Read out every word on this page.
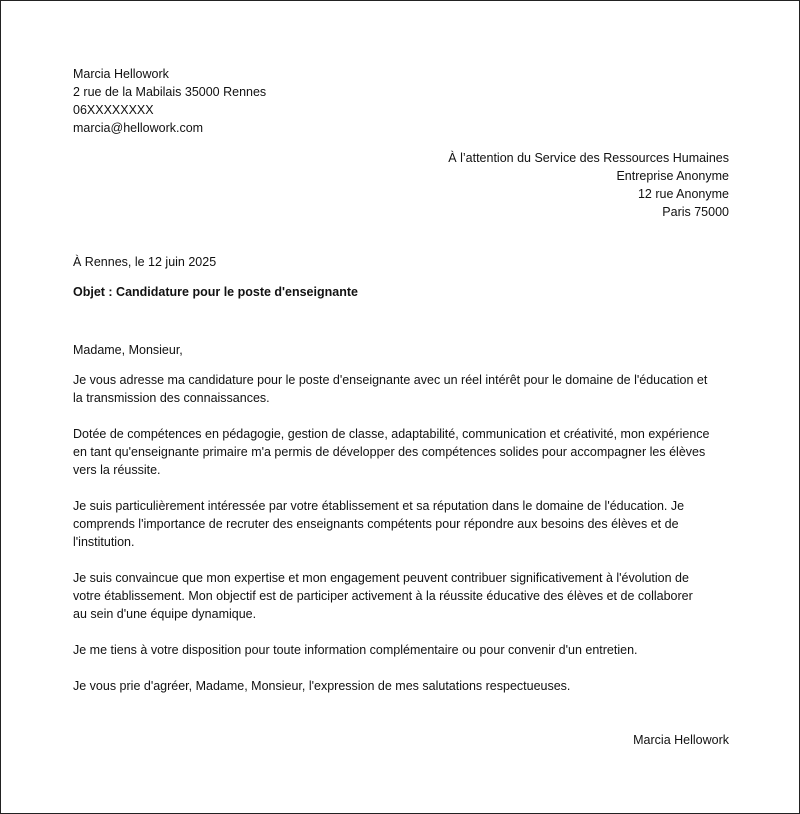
Marcia Hellowork
2 rue de la Mabilais 35000 Rennes
06XXXXXXXX
marcia@hellowork.com
À l’attention du Service des Ressources Humaines
Entreprise Anonyme
12 rue Anonyme
Paris 75000
À Rennes, le 12 juin 2025
Objet : Candidature pour le poste d'enseignante
Madame, Monsieur,
Je vous adresse ma candidature pour le poste d'enseignante avec un réel intérêt pour le domaine de l'éducation et
la transmission des connaissances.
Dotée de compétences en pédagogie, gestion de classe, adaptabilité, communication et créativité, mon expérience
en tant qu'enseignante primaire m'a permis de développer des compétences solides pour accompagner les élèves
vers la réussite.
Je suis particulièrement intéressée par votre établissement et sa réputation dans le domaine de l'éducation. Je
comprends l'importance de recruter des enseignants compétents pour répondre aux besoins des élèves et de
l'institution.
Je suis convaincue que mon expertise et mon engagement peuvent contribuer significativement à l'évolution de
votre établissement. Mon objectif est de participer activement à la réussite éducative des élèves et de collaborer
au sein d'une équipe dynamique.
Je me tiens à votre disposition pour toute information complémentaire ou pour convenir d'un entretien.
Je vous prie d'agréer, Madame, Monsieur, l'expression de mes salutations respectueuses.
Marcia Hellowork
